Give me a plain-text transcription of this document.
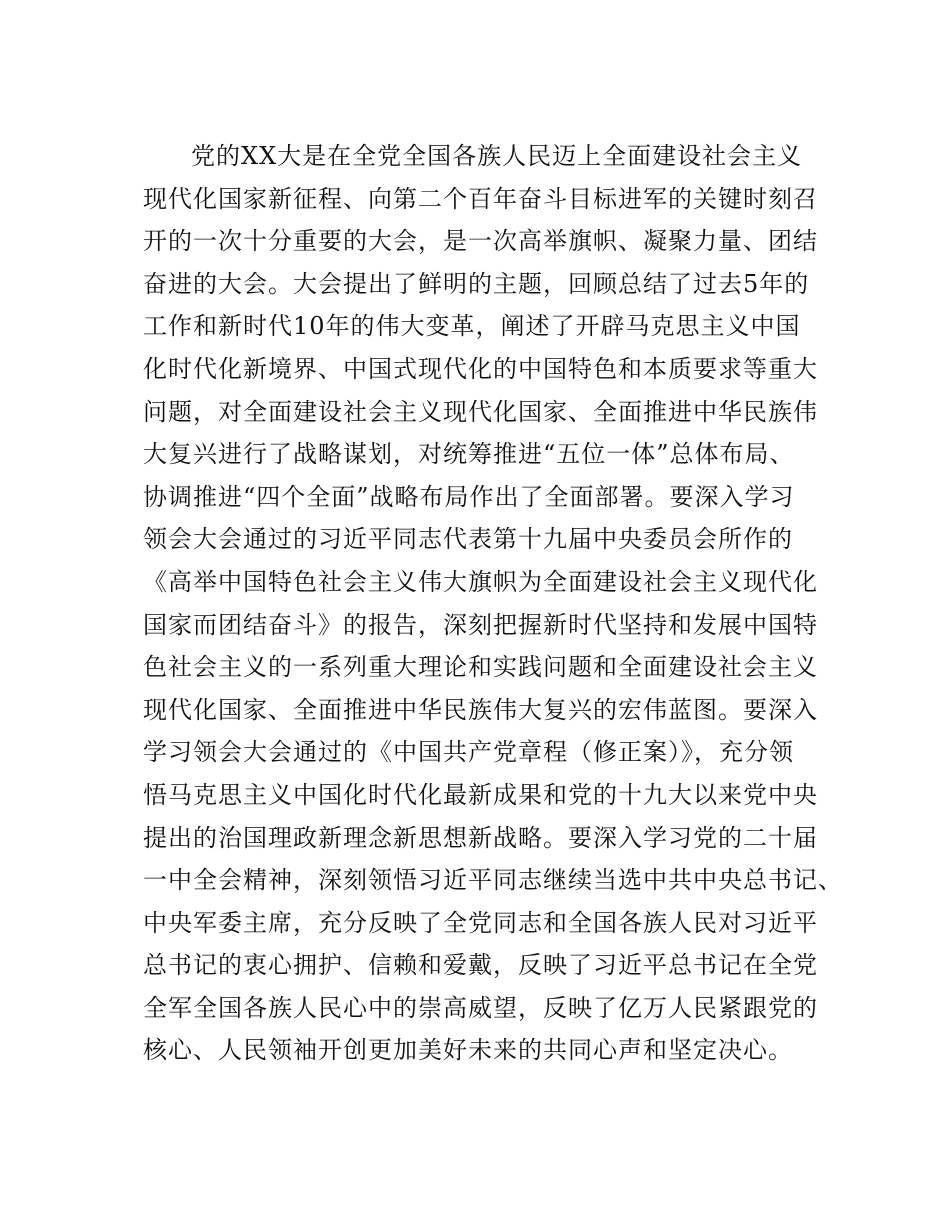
党的XX大是在全党全国各族人民迈上全面建设社会主义
现代化国家新征程、向第二个百年奋斗目标进军的关键时刻召
开的一次十分重要的大会，是一次高举旗帜、凝聚力量、团结
奋进的大会。大会提出了鲜明的主题，回顾总结了过去5年的
工作和新时代10年的伟大变革，阐述了开辟马克思主义中国
化时代化新境界、中国式现代化的中国特色和本质要求等重大
问题，对全面建设社会主义现代化国家、全面推进中华民族伟
大复兴进行了战略谋划，对统筹推进“五位一体”总体布局、
协调推进“四个全面”战略布局作出了全面部署。要深入学习
领会大会通过的习近平同志代表第十九届中央委员会所作的
《高举中国特色社会主义伟大旗帜为全面建设社会主义现代化
国家而团结奋斗》的报告，深刻把握新时代坚持和发展中国特
色社会主义的一系列重大理论和实践问题和全面建设社会主义
现代化国家、全面推进中华民族伟大复兴的宏伟蓝图。要深入
学习领会大会通过的《中国共产党章程（修正案）》，充分领
悟马克思主义中国化时代化最新成果和党的十九大以来党中央
提出的治国理政新理念新思想新战略。要深入学习党的二十届
一中全会精神，深刻领悟习近平同志继续当选中共中央总书记、
中央军委主席，充分反映了全党同志和全国各族人民对习近平
总书记的衷心拥护、信赖和爱戴，反映了习近平总书记在全党
全军全国各族人民心中的崇高威望，反映了亿万人民紧跟党的
核心、人民领袖开创更加美好未来的共同心声和坚定决心。
